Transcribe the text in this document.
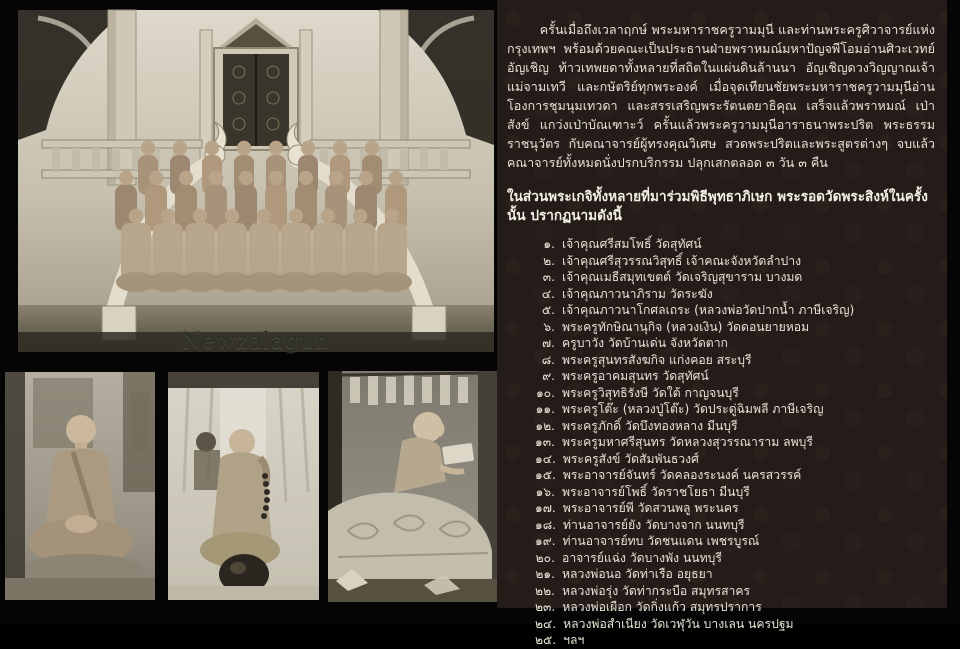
Newzalagun

ครั้นเมื่อถึงเวลาฤกษ์ พระมหาราชครูวามมุนี และท่านพระครูศิวาจารย์แห่งกรุงเทพฯ พร้อมด้วยคณะเป็นประธานฝ่ายพราหมณ์มหาปัญจพีโอมอ่านศิวะเวทย์อัญเชิญ ท้าวเทพยดาทั้งหลายที่สถิตในแผ่นดินล้านนา อัญเชิญดวงวิญญาณเจ้าแม่จามเทวี และกษัตริย์ทุกพระองค์ เมื่อจุดเทียนชัยพระมหาราชครูวามมุนีอ่านโองการชุมนุมเทวดา และสรรเสริญพระรัตนตยาธิคุณ เสร็จแล้วพราหมณ์ เป่าสังข์ แกว่งเป่าบัณเฑาะว์ ครั้นแล้วพระครูวามมุนีอาราธนาพระปริต พระธรรมราชนุวัตร กับคณาจารย์ผู้ทรงคุณวิเศษ สวดพระปริตและพระสูตรต่างๆ จบแล้วคณาจารย์ทั้งหมดนั่งปรกบริกรรม ปลุกเสกตลอด ๓ วัน ๓ คืน

ในส่วนพระเกจิทั้งหลายที่มาร่วมพิธีพุทธาภิเษก พระรอดวัดพระสิงห์ในครั้งนั้น ปรากฏนามดังนี้
๑. เจ้าคุณศรีสมโพธิ์ วัดสุทัศน์
๒. เจ้าคุณศรีสุวรรณวิสุทธิ์ เจ้าคณะจังหวัดลำปาง
๓. เจ้าคุณเมธีสมุทเขตต์ วัดเจริญสุขาราม บางมด
๔. เจ้าคุณภาวนาภิราม วัดระฆัง
๕. เจ้าคุณภาวนาโกศลเถระ (หลวงพ่อวัดปากน้ำ ภาษีเจริญ)
๖. พระครูทักษิณานุกิจ (หลวงเงิน) วัดดอนยายหอม
๗. ครูบาวัง วัดบ้านเด่น จังหวัดตาก
๘. พระครูสุนทรสังฆกิจ แก่งคอย สระบุรี
๙. พระครูอาคมสุนทร วัดสุทัศน์
๑๐. พระครูวิสุทธิรังษี วัดใต้ กาญจนบุรี
๑๑. พระครูโต๊ะ (หลวงปู่โต๊ะ) วัดประดู่ฉิมพลี ภาษีเจริญ
๑๒. พระครูภักดิ์ วัดบึงทองหลาง มีนบุรี
๑๓. พระครูมหาศรีสุนทร วัดหลวงสุวรรณาราม ลพบุรี
๑๔. พระครูสังข์ วัดสัมพันธวงศ์
๑๕. พระอาจารย์จันทร์ วัดคลองระนงค์ นครสวรรค์
๑๖. พระอาจารย์โพธิ์ วัดราชโยธา มีนบุรี
๑๗. พระอาจารย์พี วัดสวนพลู พระนคร
๑๘. ท่านอาจารย์ยัง วัดบางจาก นนทบุรี
๑๙. ท่านอาจารย์ทบ วัดชนแดน เพชรบูรณ์
๒๐. อาจารย์แฉ่ง วัดบางพัง นนทบุรี
๒๑. หลวงพ่อนอ วัดท่าเรือ อยุธยา
๒๒. หลวงพ่อรุ่ง วัดท่ากระบือ สมุทรสาคร
๒๓. หลวงพ่อเผือก วัดกิ่งแก้ว สมุทรปราการ
๒๔. หลวงพ่อสำเนียง วัดเวฬุวัน บางเลน นครปฐม
๒๕. ฯลฯ
